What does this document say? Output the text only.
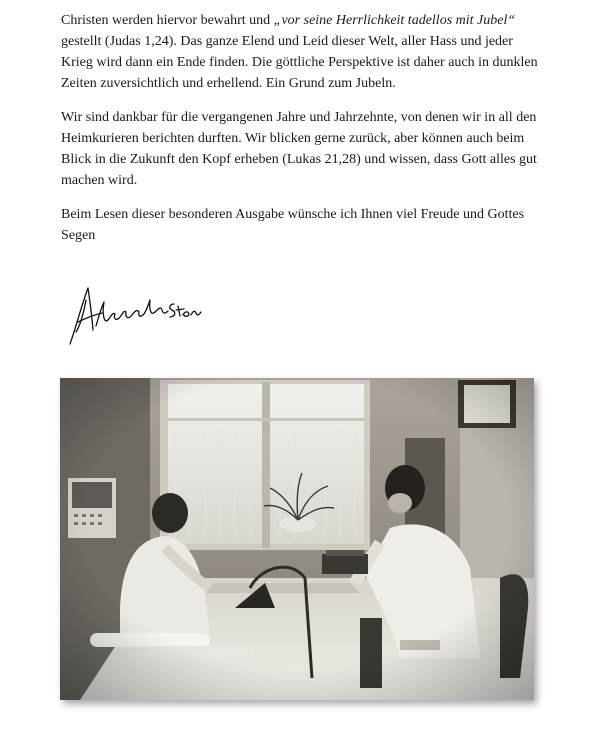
Christen werden hiervor bewahrt und „vor seine Herrlichkeit tadellos mit Jubel“ gestellt (Judas 1,24). Das ganze Elend und Leid dieser Welt, aller Hass und jeder Krieg wird dann ein Ende finden. Die göttliche Perspektive ist daher auch in dunklen Zeiten zuversichtlich und erhellend. Ein Grund zum Jubeln.

Wir sind dankbar für die vergangenen Jahre und Jahrzehnte, von denen wir in all den Heimkurieren berichten durften. Wir blicken gerne zurück, aber können auch beim Blick in die Zukunft den Kopf erheben (Lukas 21,28) und wissen, dass Gott alles gut machen wird.

Beim Lesen dieser besonderen Ausgabe wünsche ich Ihnen viel Freude und Gottes Segen
